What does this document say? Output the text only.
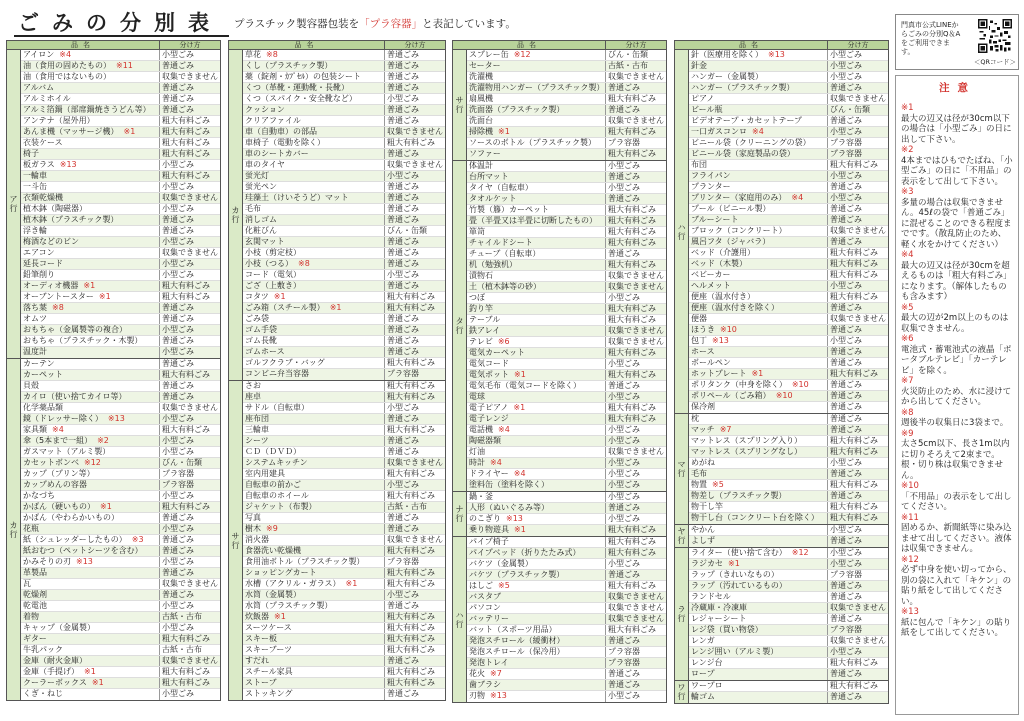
ごみの分別表 プラスチック製容器包装を「プラ容器」と表記しています。
品名	分け方
ア
行
アイロン ※4	小型ごみ
油（食用の固めたもの） ※11	普通ごみ
油（食用ではないもの）	収集できません
アルバム	普通ごみ
アルミホイル	普通ごみ
アルミ箔鍋（部席鍋焼きうどん等）	普通ごみ
アンテナ（屋外用）	粗大有料ごみ
あんま機（マッサージ機） ※1	粗大有料ごみ
衣装ケース	粗大有料ごみ
椅子	粗大有料ごみ
板ガラス ※13	小型ごみ
一輪車	粗大有料ごみ
一斗缶	小型ごみ
衣類乾燥機	収集できません
植木鉢（陶磁器）	小型ごみ
植木鉢（プラスチック製）	普通ごみ
浮き輪	普通ごみ
梅酒などのビン	小型ごみ
エアコン	収集できません
延長コード	小型ごみ
鉛筆削り	小型ごみ
オーディオ機器 ※1	粗大有料ごみ
オーブントースター ※1	粗大有料ごみ
落ち葉 ※8	普通ごみ
オムツ	普通ごみ
おもちゃ（金属製等の複合）	小型ごみ
おもちゃ（プラスチック・木製）	普通ごみ
温度計	小型ごみ
カ
行
カーテン	普通ごみ
カーペット	粗大有料ごみ
貝殻	普通ごみ
カイロ（使い捨てカイロ等）	普通ごみ
化学薬品類	収集できません
鏡（ドレッサー除く） ※13	小型ごみ
家具類 ※4	粗大有料ごみ
傘（5本まで一組） ※2	小型ごみ
ガスマット（アルミ製）	小型ごみ
カセットボンベ ※12	びん・缶類
カップ（プリン等）	プラ容器
カップめんの容器	プラ容器
かなづち	小型ごみ
かばん（硬いもの） ※1	粗大有料ごみ
かばん（やわらかいもの）	普通ごみ
花瓶	小型ごみ
紙（シュレッダーしたもの） ※3	普通ごみ
紙おむつ（ペットシーツを含む）	普通ごみ
かみそりの刃 ※13	小型ごみ
革製品	普通ごみ
瓦	収集できません
乾燥剤	普通ごみ
乾電池	小型ごみ
着物	古紙・古布
キャップ（金属製）	小型ごみ
ギター	粗大有料ごみ
牛乳パック	古紙・古布
金庫（耐火金庫）	収集できません
金庫（手提げ） ※1	粗大有料ごみ
クーラーボックス ※1	粗大有料ごみ
くぎ・ねじ	小型ごみ
品名	分け方
カ
行
草花 ※8	普通ごみ
くし（プラスチック製）	普通ごみ
薬（錠剤・ｶﾌﾟｾﾙ）の包装シート	普通ごみ
くつ（革靴・運動靴・長靴）	普通ごみ
くつ（スパイク・安全靴など）	小型ごみ
クッション	普通ごみ
クリアファイル	普通ごみ
車（自動車）の部品	収集できません
車椅子（電動を除く）	粗大有料ごみ
車のシートカバー	普通ごみ
車のタイヤ	収集できません
蛍光灯	小型ごみ
蛍光ペン	普通ごみ
珪藻土（けいそうど）マット	普通ごみ
毛布	普通ごみ
消しゴム	普通ごみ
化粧びん	びん・缶類
玄関マット	普通ごみ
小枝（剪定枝）	普通ごみ
小枝（つる） ※8	普通ごみ
コード（電気）	小型ごみ
ござ（上敷き）	普通ごみ
コタツ ※1	粗大有料ごみ
ごみ箱（スチール製） ※1	粗大有料ごみ
ごみ袋	普通ごみ
ゴム手袋	普通ごみ
ゴム長靴	普通ごみ
ゴムホース	普通ごみ
ゴルフクラブ・バッグ	粗大有料ごみ
コンビニ弁当容器	プラ容器
サ
行
さお	粗大有料ごみ
座卓	粗大有料ごみ
サドル（自転車）	小型ごみ
座布団	普通ごみ
三輪車	粗大有料ごみ
シーツ	普通ごみ
ＣＤ（ＤＶＤ）	普通ごみ
システムキッチン	収集できません
室内用建具	粗大有料ごみ
自転車の前かご	小型ごみ
自転車のホイール	粗大有料ごみ
ジャケット（布製）	古紙・古布
写真	普通ごみ
樹木 ※9	普通ごみ
消火器	収集できません
食器洗い乾燥機	粗大有料ごみ
食用油ボトル（プラスチック製）	プラ容器
ショッピングカート	粗大有料ごみ
水槽（アクリル・ガラス） ※1	粗大有料ごみ
水筒（金属製）	小型ごみ
水筒（プラスチック製）	普通ごみ
炊飯器 ※1	粗大有料ごみ
スーツケース	粗大有料ごみ
スキー板	粗大有料ごみ
スキーブーツ	粗大有料ごみ
すだれ	普通ごみ
スチール家具	粗大有料ごみ
ストーブ	粗大有料ごみ
ストッキング	普通ごみ
品名	分け方
サ
行
スプレー缶 ※12	びん・缶類
セーター	古紙・古布
洗濯機	収集できません
洗濯物用ハンガー（プラスチック製） 普通ごみ
扇風機	粗大有料ごみ
洗面器（プラスチック製）	普通ごみ
洗面台	収集できません
掃除機 ※1	粗大有料ごみ
ソースのボトル（プラスチック製）	プラ容器
ソファー	粗大有料ごみ
タ
行
体温計	小型ごみ
台所マット	普通ごみ
タイヤ（自転車）	小型ごみ
タオルケット	普通ごみ
竹製（籐）カーペット	粗大有料ごみ
畳（半畳又は半畳に切断したもの）	粗大有料ごみ
箪笥	粗大有料ごみ
チャイルドシート	粗大有料ごみ
チューブ（自転車）	普通ごみ
机（勉強机）	粗大有料ごみ
漬物石	収集できません
土（植木鉢等の砂）	収集できません
つぼ	小型ごみ
釣り竿	粗大有料ごみ
テーブル	粗大有料ごみ
鉄アレイ	収集できません
テレビ ※6	収集できません
電気カーペット	粗大有料ごみ
電気コード	小型ごみ
電気ポット ※1	粗大有料ごみ
電気毛布（電気コードを除く）	普通ごみ
電球	小型ごみ
電子ピアノ ※1	粗大有料ごみ
電子レンジ	粗大有料ごみ
電話機 ※4	小型ごみ
陶磁器類	小型ごみ
灯油	収集できません
時計 ※4	小型ごみ
ドライヤー ※4	小型ごみ
塗料缶（塗料を除く）	小型ごみ
ナ
行
鍋・釜	小型ごみ
人形（ぬいぐるみ等）	普通ごみ
のこぎり ※13	小型ごみ
乗り物遊具 ※1	粗大有料ごみ
ハ
行
パイプ椅子	粗大有料ごみ
パイプベッド（折りたたみ式）	粗大有料ごみ
バケツ（金属製）	小型ごみ
バケツ（プラスチック製）	普通ごみ
はしご ※5	粗大有料ごみ
バスタブ	収集できません
パソコン	収集できません
バッテリー	収集できません
バット（スポーツ用品）	粗大有料ごみ
発泡スチロール（緩衝材）	普通ごみ
発泡スチロール（保冷用）	プラ容器
発泡トレイ	プラ容器
花火 ※7	普通ごみ
歯ブラシ	普通ごみ
刃物 ※13	小型ごみ
品名	分け方
ハ
行
針（医療用を除く） ※13	小型ごみ
針金	小型ごみ
ハンガー（金属製）	小型ごみ
ハンガー（プラスチック製）	普通ごみ
ピアノ	収集できません
ビール瓶	びん・缶類
ビデオテープ・カセットテープ	普通ごみ
一口ガスコンロ ※4	小型ごみ
ビニール袋（クリーニングの袋）	プラ容器
ビニール袋（家庭製品の袋）	プラ容器
布団	粗大有料ごみ
フライパン	小型ごみ
プランター	普通ごみ
プリンター（家庭用のみ） ※4	小型ごみ
プール（ビニール製）	普通ごみ
ブルーシート	普通ごみ
ブロック（コンクリート）	収集できません
風呂フタ（ジャバラ）	普通ごみ
ベッド（介護用）	粗大有料ごみ
ベッド（木製）	粗大有料ごみ
ベビーカー	粗大有料ごみ
ヘルメット	小型ごみ
便座（温水付き）	粗大有料ごみ
便座（温水付きを除く）	普通ごみ
便器	収集できません
ほうき ※10	普通ごみ
包丁 ※13	小型ごみ
ホース	普通ごみ
ボールペン	普通ごみ
ホットプレート ※1	粗大有料ごみ
ポリタンク（中身を除く） ※10	普通ごみ
ポリペール（ごみ箱） ※10	普通ごみ
保冷剤	普通ごみ
マ
行
枕	普通ごみ
マッチ ※7	普通ごみ
マットレス（スプリング入り）	粗大有料ごみ
マットレス（スプリングなし）	粗大有料ごみ
めがね	小型ごみ
毛布	普通ごみ
物置 ※5	粗大有料ごみ
物差し（プラスチック製）	普通ごみ
物干し竿	粗大有料ごみ
物干し台（コンクリート台を除く）	粗大有料ごみ
ヤ
行
やかん	小型ごみ
よしず	普通ごみ
ラ
行
ライター（使い捨て含む） ※12	小型ごみ
ラジカセ ※1	小型ごみ
ラップ（きれいなもの）	プラ容器
ラップ（汚れているもの）	普通ごみ
ランドセル	普通ごみ
冷蔵庫・冷凍庫	収集できません
レジャーシート	普通ごみ
レジ袋（買い物袋）	プラ容器
レンガ	収集できません
レンジ囲い（アルミ製）	小型ごみ
レンジ台	粗大有料ごみ
ロープ	普通ごみ
ワ
行
ワープロ	粗大有料ごみ
輪ゴム	普通ごみ
門真市公式LINEからごみの分別Q＆Aをご利用できます。
＜QRコード＞
注意
※1
最大の辺又は径が30cm以下の場合は「小型ごみ」の日に出して下さい。
※2
4本まではひもでたばね、「小型ごみ」の日に「不用品」の表示をして出して下さい。
※3
多量の場合は収集できません。45ℓの袋で「普通ごみ」に混ぜることのできる程度までです。（散乱防止のため、軽く水をかけてください）
※4
最大の辺又は径が30cmを超えるものは「粗大有料ごみ」になります。（解体したものも含みます）
※5
最大の辺が2m以上のものは収集できません。
※6
電池式・蓄電池式の液晶「ポータブルテレビ」「カーテレビ」を除く。
※7
火災防止のため、水に浸けてから出してください。
※8
週後半の収集日に3袋まで。
※9
太さ5cm以下、長さ1m以内に切りそろえて2束まで。根・切り株は収集できません。
※10
「不用品」の表示をして出してください。
※11
固めるか、新聞紙等に染み込ませて出してください。液体は収集できません。
※12
必ず中身を使い切ってから、別の袋に入れて「キケン」の貼り紙をして出してください。
※13
紙に包んで「キケン」の貼り紙をして出してください。
